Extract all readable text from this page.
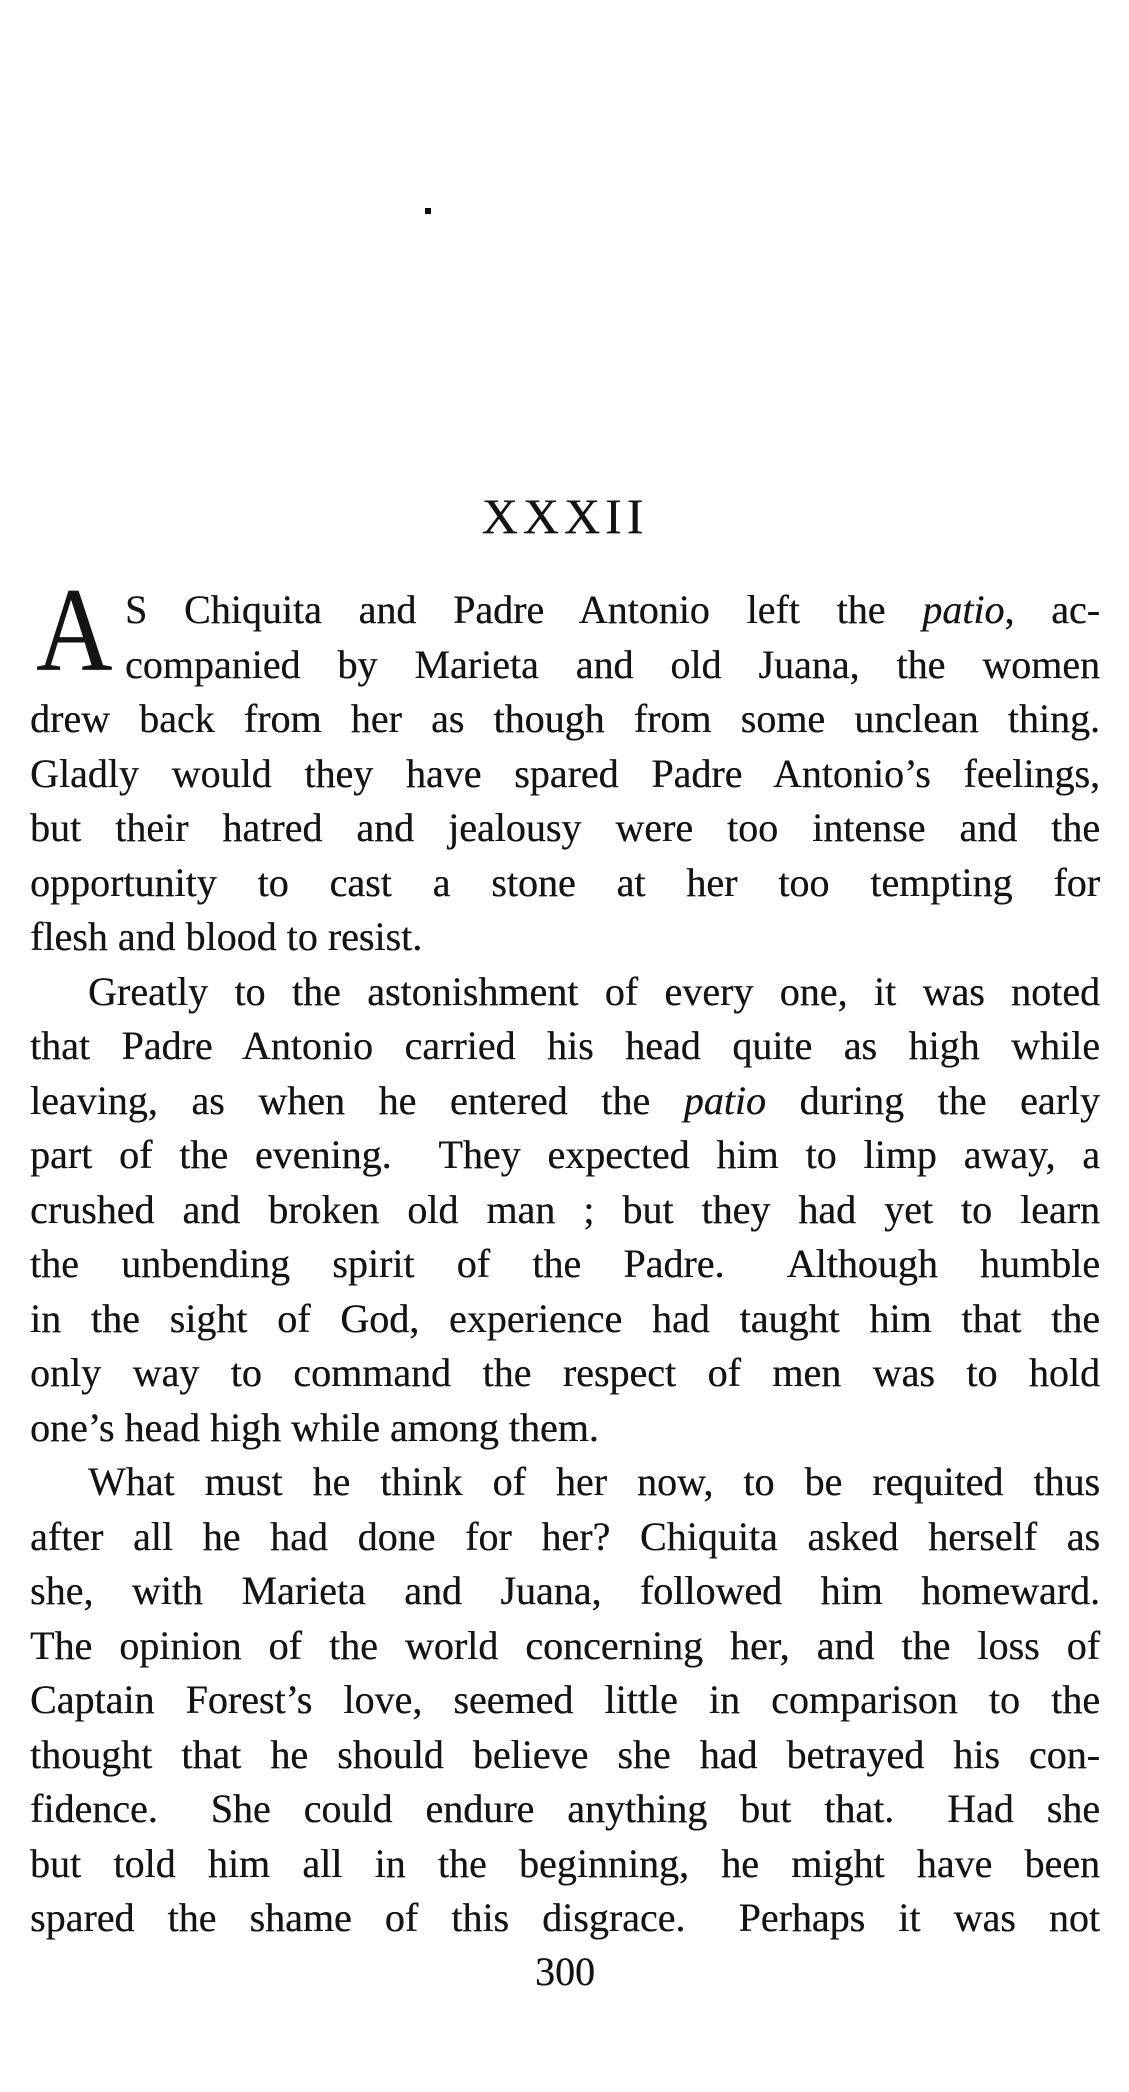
XXXII
A S Chiquita and Padre Antonio left the patio, ac-
companied by Marieta and old Juana, the women
drew back from her as though from some unclean thing.
Gladly would they have spared Padre Antonio’s feelings,
but their hatred and jealousy were too intense and the
opportunity to cast a stone at her too tempting for
flesh and blood to resist.
Greatly to the astonishment of every one, it was noted
that Padre Antonio carried his head quite as high while
leaving, as when he entered the patio during the early
part of the evening.  They expected him to limp away, a
crushed and broken old man ; but they had yet to learn
the unbending spirit of the Padre.  Although humble
in the sight of God, experience had taught him that the
only way to command the respect of men was to hold
one’s head high while among them.
What must he think of her now, to be requited thus
after all he had done for her? Chiquita asked herself as
she, with Marieta and Juana, followed him homeward.
The opinion of the world concerning her, and the loss of
Captain Forest’s love, seemed little in comparison to the
thought that he should believe she had betrayed his con-
fidence.  She could endure anything but that.  Had she
but told him all in the beginning, he might have been
spared the shame of this disgrace.  Perhaps it was not
300
